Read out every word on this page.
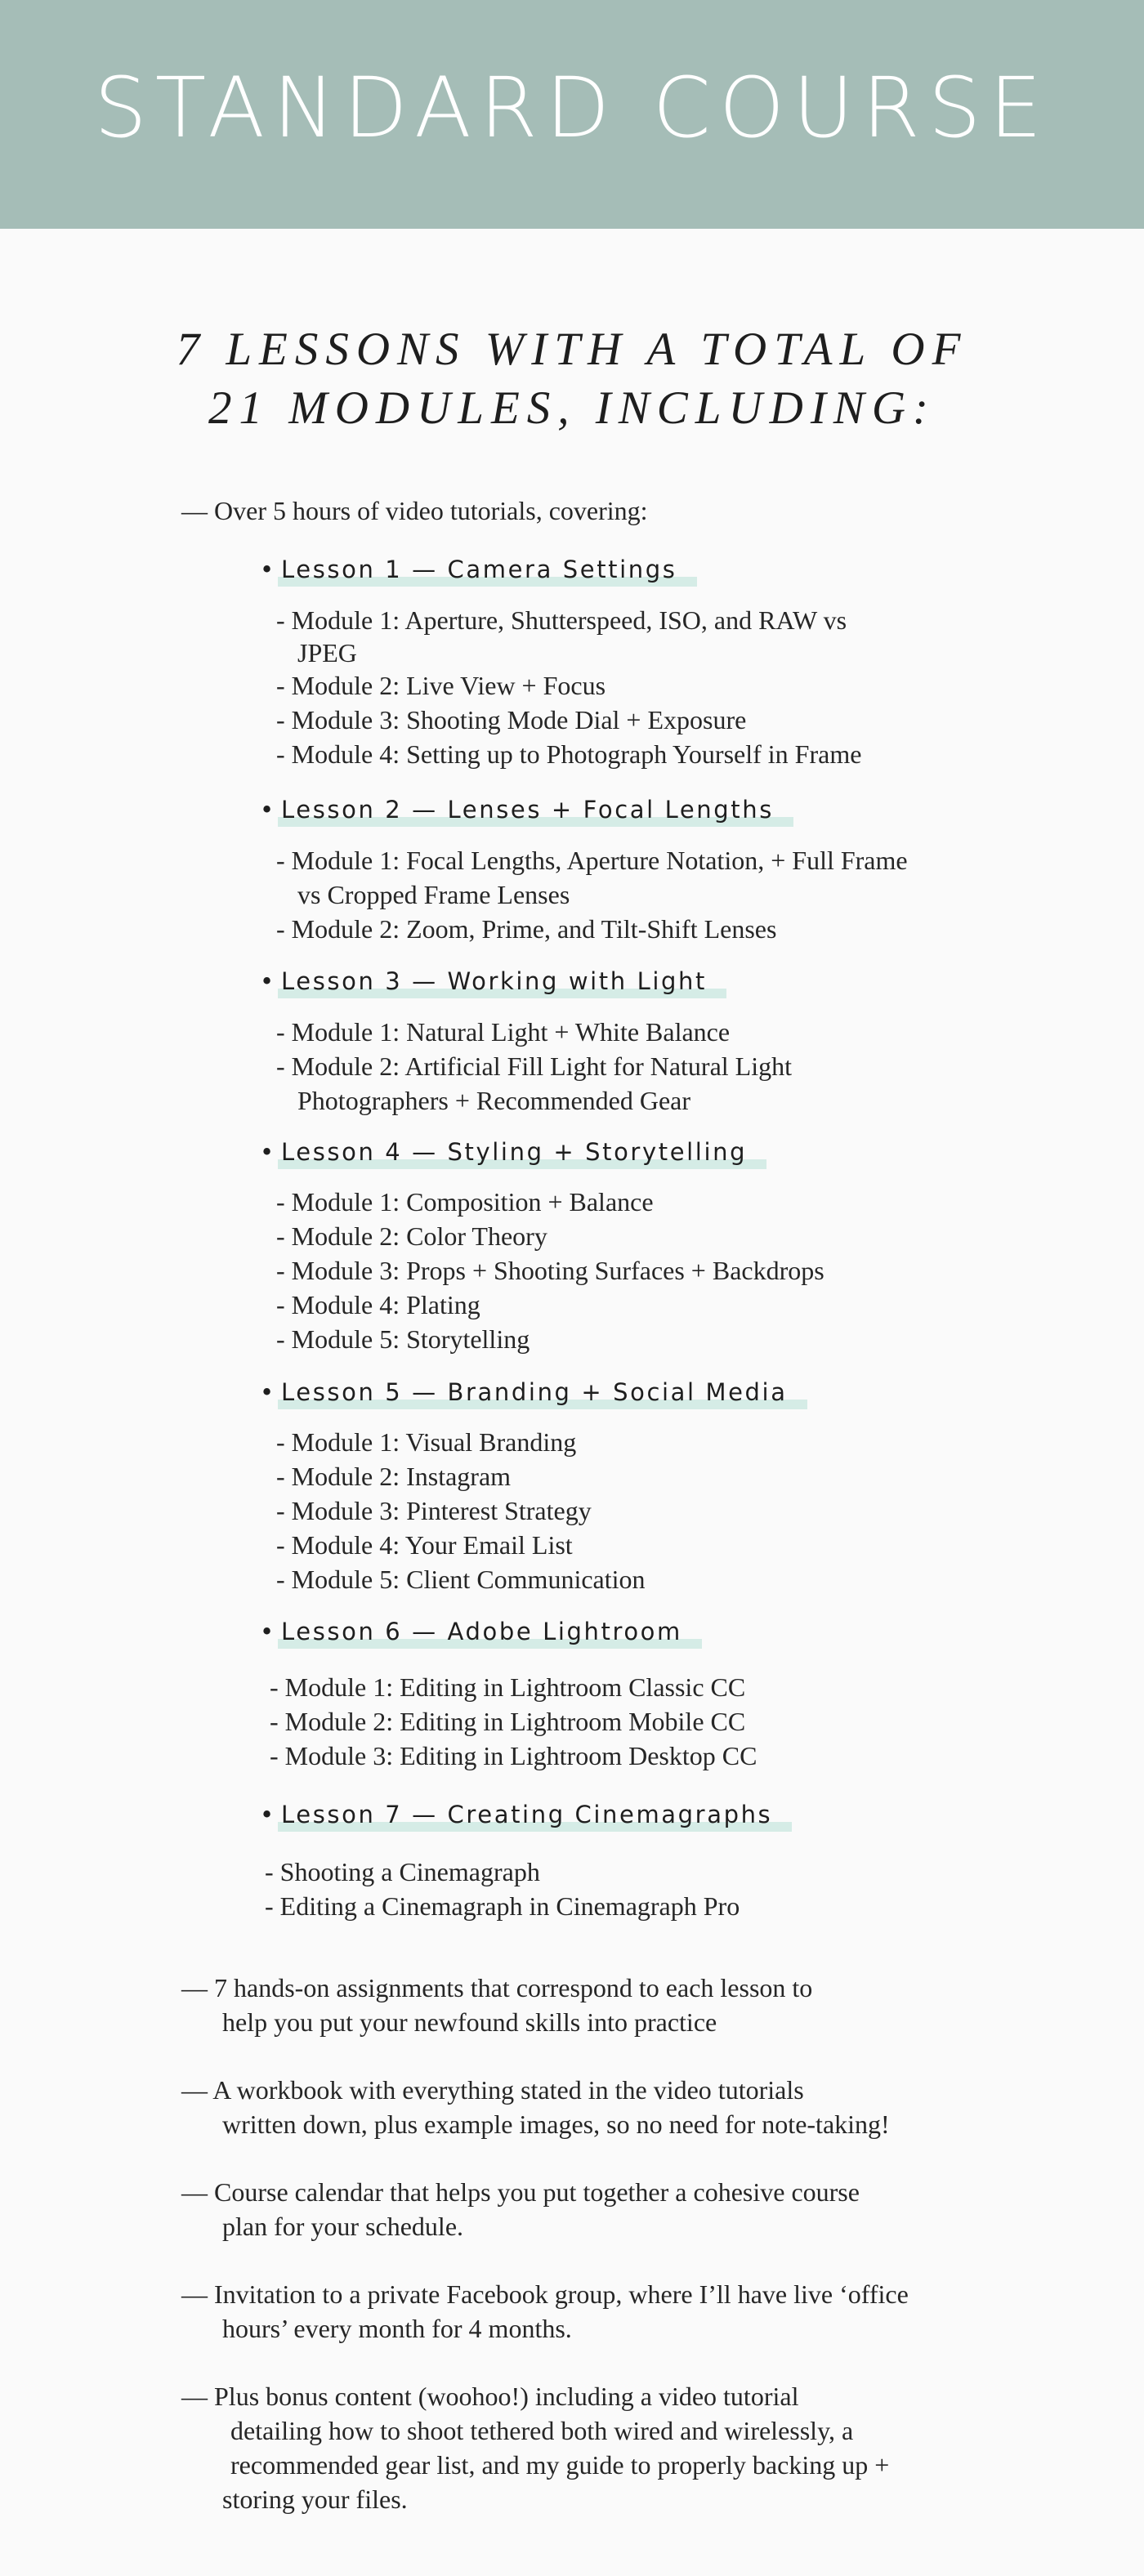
STANDARD COURSE
7 LESSONS WITH A TOTAL OF
21 MODULES, INCLUDING:
— Over 5 hours of video tutorials, covering:
• Lesson 1 — Camera Settings
- Module 1: Aperture, Shutterspeed, ISO, and RAW vs
JPEG
- Module 2: Live View + Focus
- Module 3: Shooting Mode Dial + Exposure
- Module 4: Setting up to Photograph Yourself in Frame
• Lesson 2 — Lenses + Focal Lengths
- Module 1: Focal Lengths, Aperture Notation, + Full Frame
vs Cropped Frame Lenses
- Module 2: Zoom, Prime, and Tilt-Shift Lenses
• Lesson 3 — Working with Light
- Module 1: Natural Light + White Balance
- Module 2: Artificial Fill Light for Natural Light
Photographers + Recommended Gear
• Lesson 4 — Styling + Storytelling
- Module 1: Composition + Balance
- Module 2: Color Theory
- Module 3: Props + Shooting Surfaces + Backdrops
- Module 4: Plating
- Module 5: Storytelling
• Lesson 5 — Branding + Social Media
- Module 1: Visual Branding
- Module 2: Instagram
- Module 3: Pinterest Strategy
- Module 4: Your Email List
- Module 5: Client Communication
• Lesson 6 — Adobe Lightroom
- Module 1: Editing in Lightroom Classic CC
- Module 2: Editing in Lightroom Mobile CC
- Module 3: Editing in Lightroom Desktop CC
• Lesson 7 — Creating Cinemagraphs
- Shooting a Cinemagraph
- Editing a Cinemagraph in Cinemagraph Pro
— 7 hands-on assignments that correspond to each lesson to
help you put your newfound skills into practice
— A workbook with everything stated in the video tutorials
written down, plus example images, so no need for note-taking!
— Course calendar that helps you put together a cohesive course
plan for your schedule.
— Invitation to a private Facebook group, where I’ll have live ‘office
hours’ every month for 4 months.
— Plus bonus content (woohoo!) including a video tutorial
detailing how to shoot tethered both wired and wirelessly, a
recommended gear list, and my guide to properly backing up +
storing your files.
